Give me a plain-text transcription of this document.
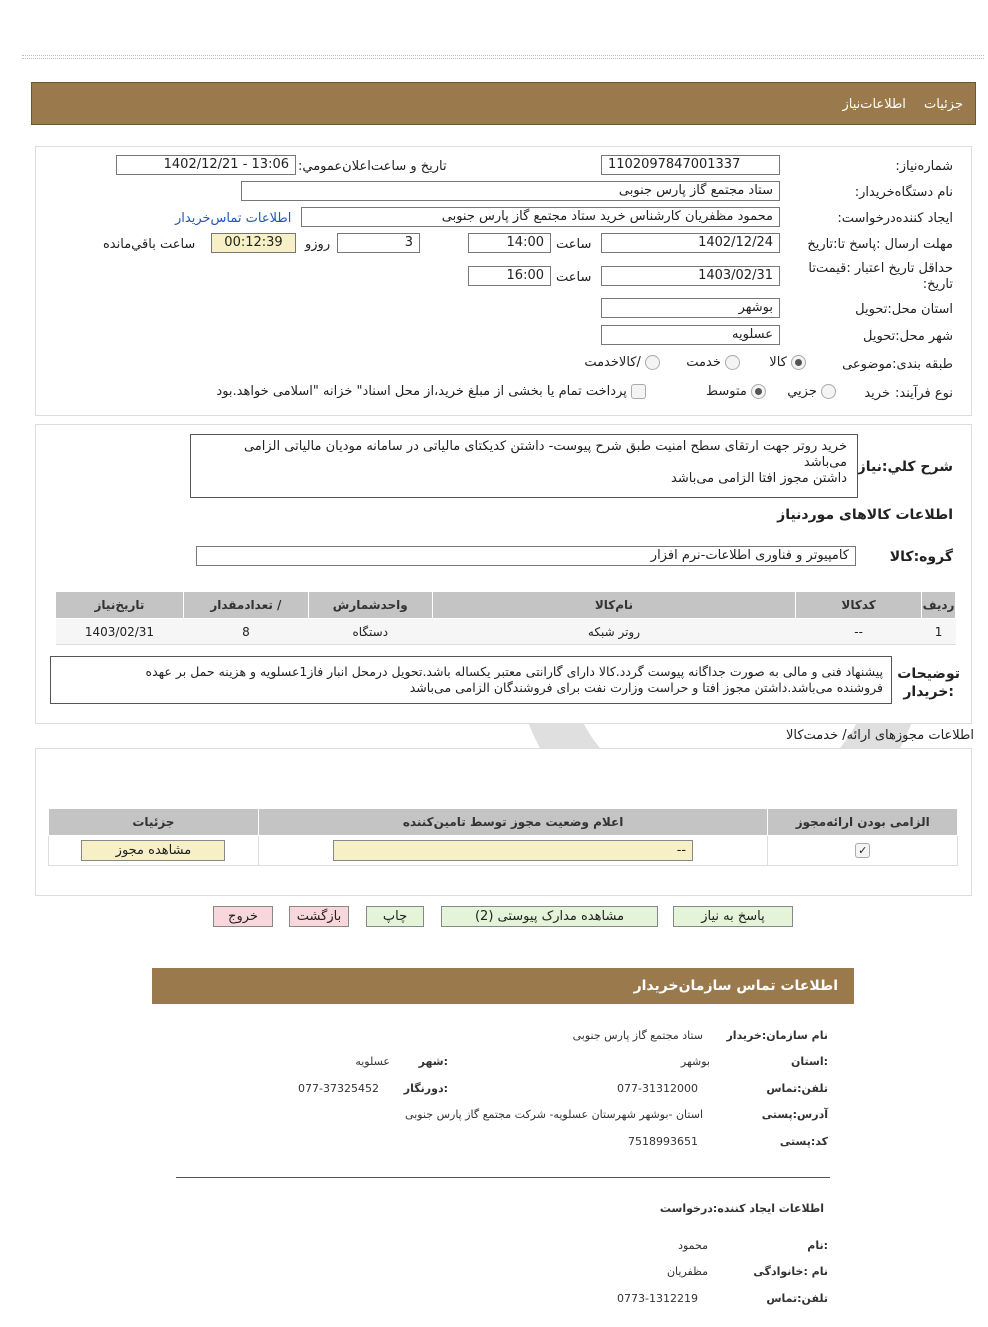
جزئيات اطلاعات‌نياز
شماره‌نياز:
1102097847001337
تاريخ و ساعت‌اعلان‌عمومي:
1402/12/21 - 13:06
نام دستگاه‌خريدار:
ستاد مجتمع گاز پارس جنوبی
ايجاد کننده‌درخواست:
محمود مظفریان کارشناس خرید ستاد مجتمع گاز پارس جنوبی
اطلاعات تماس‌خريدار
مهلت ارسال :پاسخ تا:تاريخ
1402/12/24
ساعت
14:00
3
روزو
00:12:39
ساعت باقي‌مانده
حداقل تاريخ اعتبار :قيمت‌تا تاريخ:
1403/02/31
ساعت
16:00
استان محل:تحويل
بوشهر
شهر محل:تحويل
عسلويه
طبقه بندی:موضوعی
کالا
خدمت
/کالاخدمت
نوع فرآيند:
خريد
جزيي
متوسط
پرداخت تمام يا بخشی از مبلغ خريد،از محل اسناد" خزانه "اسلامی خواهد.بود
شرح کلي:نياز
خرید روتر جهت ارتقای سطح امنیت طبق شرح پیوست- داشتن کدیکتای مالیاتی در سامانه مودیان مالیاتی الزامی می‌باشد
داشتن مجوز افتا الزامی می‌باشد
اطلاعات کالاهای مورد‌نياز
گروه:کالا
کامپیوتر و فناوری اطلاعات-نرم افزار
رديف	کدکالا	نام‌کالا	واحدشمارش	/ تعدادمقدار	تاريخ‌نياز
1	--	روتر شبکه	دستگاه	8	1403/02/31
توضيحات
:خريدار
پیشنهاد فنی و مالی به صورت جداگانه پیوست گردد.کالا دارای گارانتی معتبر یکساله باشد.تحویل درمحل انبار فاز1عسلویه و هزینه حمل بر عهده
فروشنده می‌باشد.داشتن مجوز افتا و حراست وزارت نفت برای فروشندگان الزامی می‌باشد
اطلاعات مجوزهای ارائه/ خدمت‌کالا
الزامی بودن ارائه‌مجوز	اعلام وضعيت مجوز توسط تامين‌کننده	جزئيات
✓	--	مشاهده مجوز
پاسخ به نياز
مشاهده مدارک پيوستی (2)
چاپ
بازگشت
خروج
اطلاعات تماس سازمان‌خريدار
نام سازمان:خريدار
ستاد مجتمع گاز پارس جنوبی
:استان
بوشهر
:شهر
عسلويه
تلفن:تماس
077-31312000
:دورنگار
077-37325452
آدرس:پستی
استان -بوشهر شهرستان عسلویه- شرکت مجتمع گاز پارس جنوبی
کد:پستی
7518993651
اطلاعات ايجاد کننده:درخواست
:نام
محمود
نام :خانوادگی
مظفریان
تلفن:تماس
0773-1312219
